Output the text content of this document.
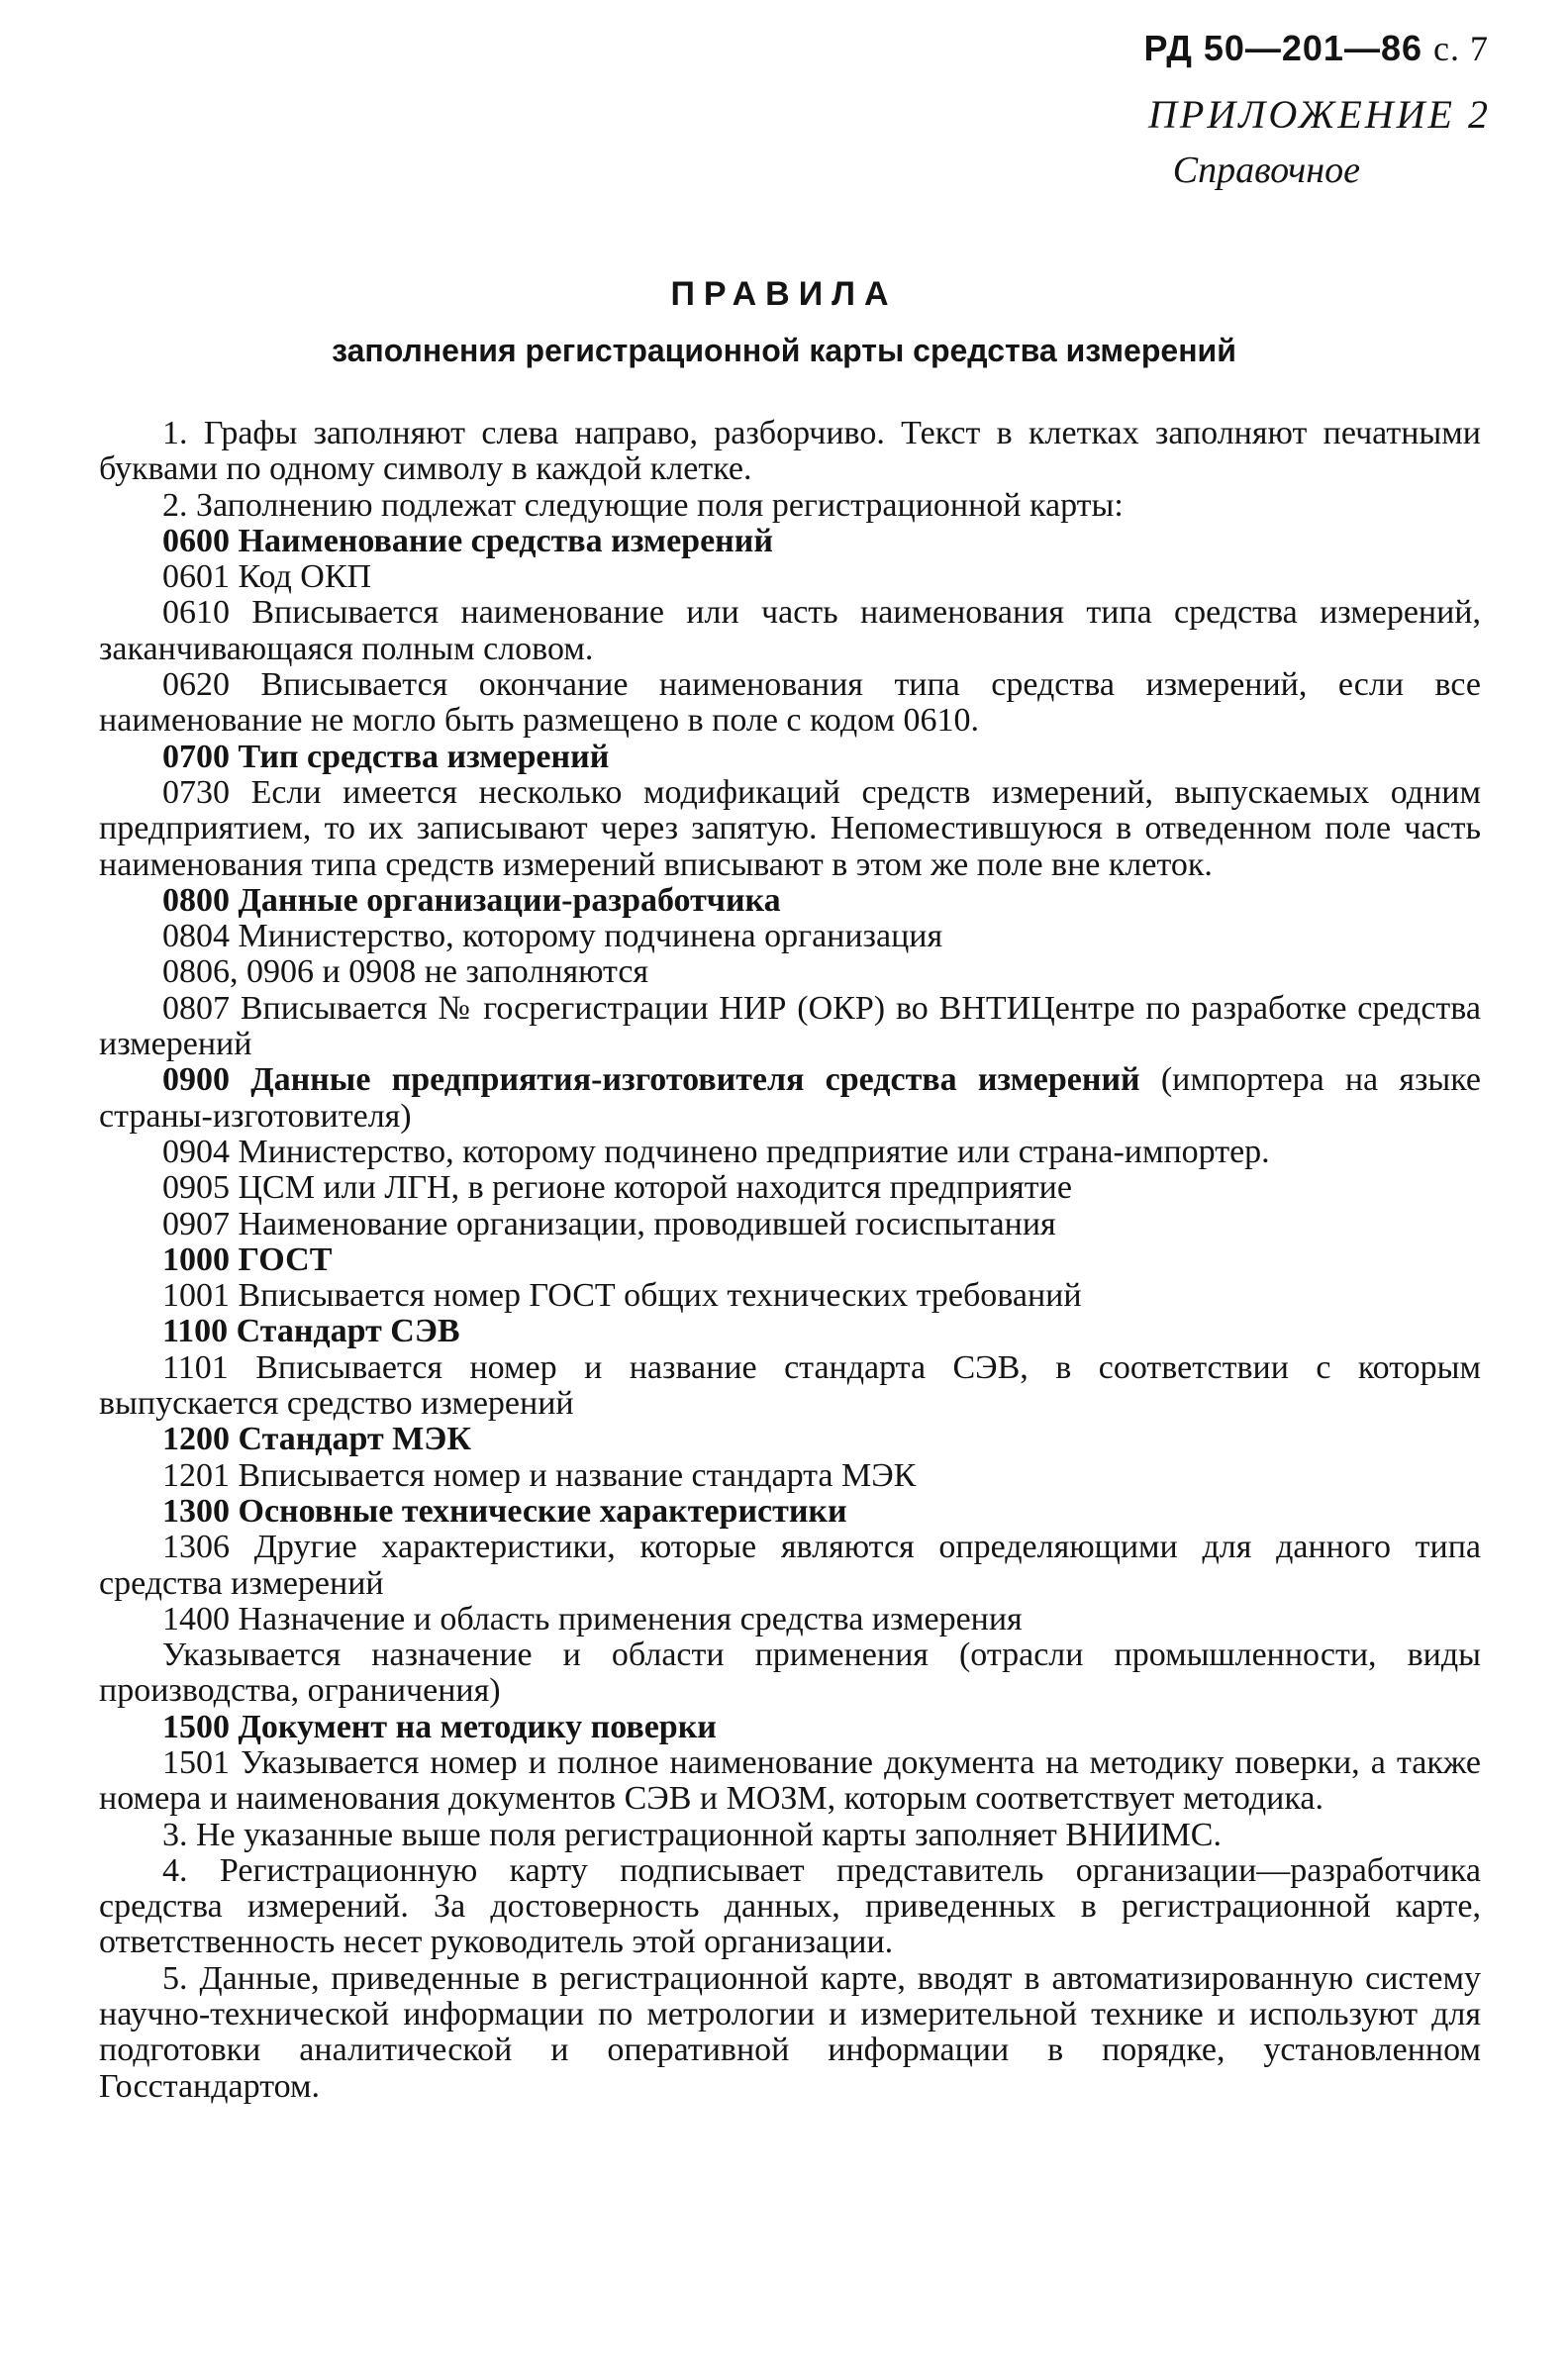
РД 50—201—86 с. 7
ПРИЛОЖЕНИЕ 2
Справочное
ПРАВИЛА
заполнения регистрационной карты средства измерений

1. Графы заполняют слева направо, разборчиво. Текст в клетках заполняют печатными буквами по одному символу в каждой клетке.

2. Заполнению подлежат следующие поля регистрационной карты:

0600 Наименование средства измерений

0601 Код ОКП

0610 Вписывается наименование или часть наименования типа средства измерений, заканчивающаяся полным словом.

0620 Вписывается окончание наименования типа средства измерений, если все наименование не могло быть размещено в поле с кодом 0610.

0700 Тип средства измерений

0730 Если имеется несколько модификаций средств измерений, выпускаемых одним предприятием, то их записывают через запятую. Непоместившуюся в отведенном поле часть наименования типа средств измерений вписывают в этом же поле вне клеток.

0800 Данные организации-разработчика

0804 Министерство, которому подчинена организация

0806, 0906 и 0908 не заполняются

0807 Вписывается № госрегистрации НИР (ОКР) во ВНТИЦентре по разработке средства измерений

0900 Данные предприятия-изготовителя средства измерений (импортера на языке страны-изготовителя)

0904 Министерство, которому подчинено предприятие или страна-импортер.

0905 ЦСМ или ЛГН, в регионе которой находится предприятие

0907 Наименование организации, проводившей госиспытания

1000 ГОСТ

1001 Вписывается номер ГОСТ общих технических требований

1100 Стандарт СЭВ

1101 Вписывается номер и название стандарта СЭВ, в соответствии с которым выпускается средство измерений

1200 Стандарт МЭК

1201 Вписывается номер и название стандарта МЭК

1300 Основные технические характеристики

1306 Другие характеристики, которые являются определяющими для данного типа средства измерений

1400 Назначение и область применения средства измерения

Указывается назначение и области применения (отрасли промышленности, виды производства, ограничения)

1500 Документ на методику поверки

1501 Указывается номер и полное наименование документа на методику поверки, а также номера и наименования документов СЭВ и МОЗМ, которым соответствует методика.

3. Не указанные выше поля регистрационной карты заполняет ВНИИМС.

4. Регистрационную карту подписывает представитель организации—разработчика средства измерений. За достоверность данных, приведенных в регистрационной карте, ответственность несет руководитель этой организации.

5. Данные, приведенные в регистрационной карте, вводят в автоматизированную систему научно-технической информации по метрологии и измерительной технике и используют для подготовки аналитической и оперативной информации в порядке, установленном Госстандартом.
